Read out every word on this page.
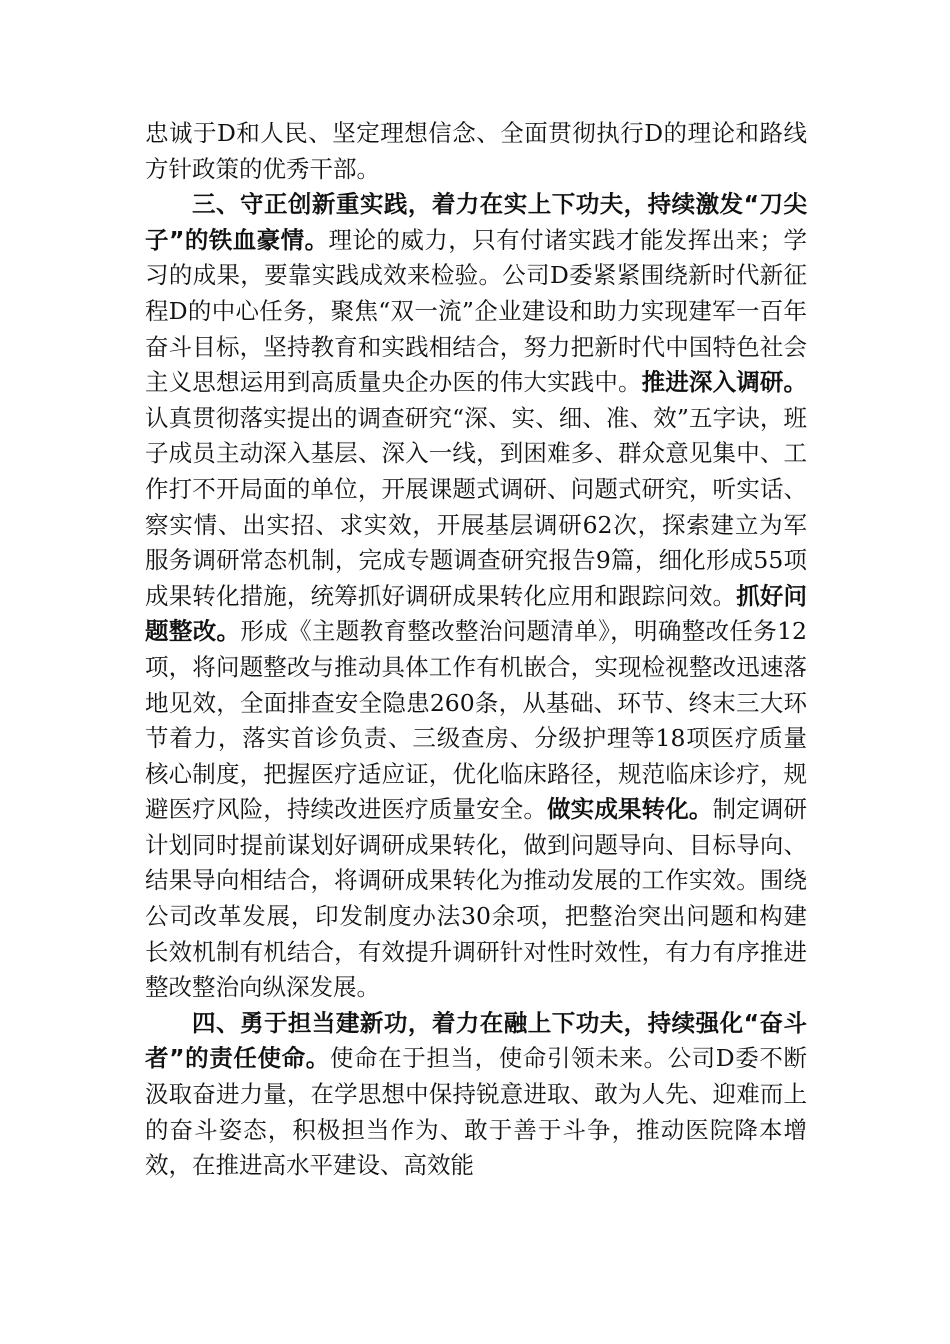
忠诚于D和人民、坚定理想信念、全面贯彻执行D的理论和路线方针政策的优秀干部。

三、守正创新重实践，着力在实上下功夫，持续激发“刀尖子”的铁血豪情。理论的威力，只有付诸实践才能发挥出来；学习的成果，要靠实践成效来检验。公司D委紧紧围绕新时代新征程D的中心任务，聚焦“双一流”企业建设和助力实现建军一百年奋斗目标，坚持教育和实践相结合，努力把新时代中国特色社会主义思想运用到高质量央企办医的伟大实践中。推进深入调研。认真贯彻落实提出的调查研究“深、实、细、准、效”五字诀，班子成员主动深入基层、深入一线，到困难多、群众意见集中、工作打不开局面的单位，开展课题式调研、问题式研究，听实话、察实情、出实招、求实效，开展基层调研62次，探索建立为军服务调研常态机制，完成专题调查研究报告9篇，细化形成55项成果转化措施，统筹抓好调研成果转化应用和跟踪问效。抓好问题整改。形成《主题教育整改整治问题清单》，明确整改任务12项，将问题整改与推动具体工作有机嵌合，实现检视整改迅速落地见效，全面排查安全隐患260条，从基础、环节、终末三大环节着力，落实首诊负责、三级查房、分级护理等18项医疗质量核心制度，把握医疗适应证，优化临床路径，规范临床诊疗，规避医疗风险，持续改进医疗质量安全。做实成果转化。制定调研计划同时提前谋划好调研成果转化，做到问题导向、目标导向、结果导向相结合，将调研成果转化为推动发展的工作实效。围绕公司改革发展，印发制度办法30余项，把整治突出问题和构建长效机制有机结合，有效提升调研针对性时效性，有力有序推进整改整治向纵深发展。

四、勇于担当建新功，着力在融上下功夫，持续强化“奋斗者”的责任使命。使命在于担当，使命引领未来。公司D委不断汲取奋进力量，在学思想中保持锐意进取、敢为人先、迎难而上的奋斗姿态，积极担当作为、敢于善于斗争，推动医院降本增效，在推进高水平建设、高效能
